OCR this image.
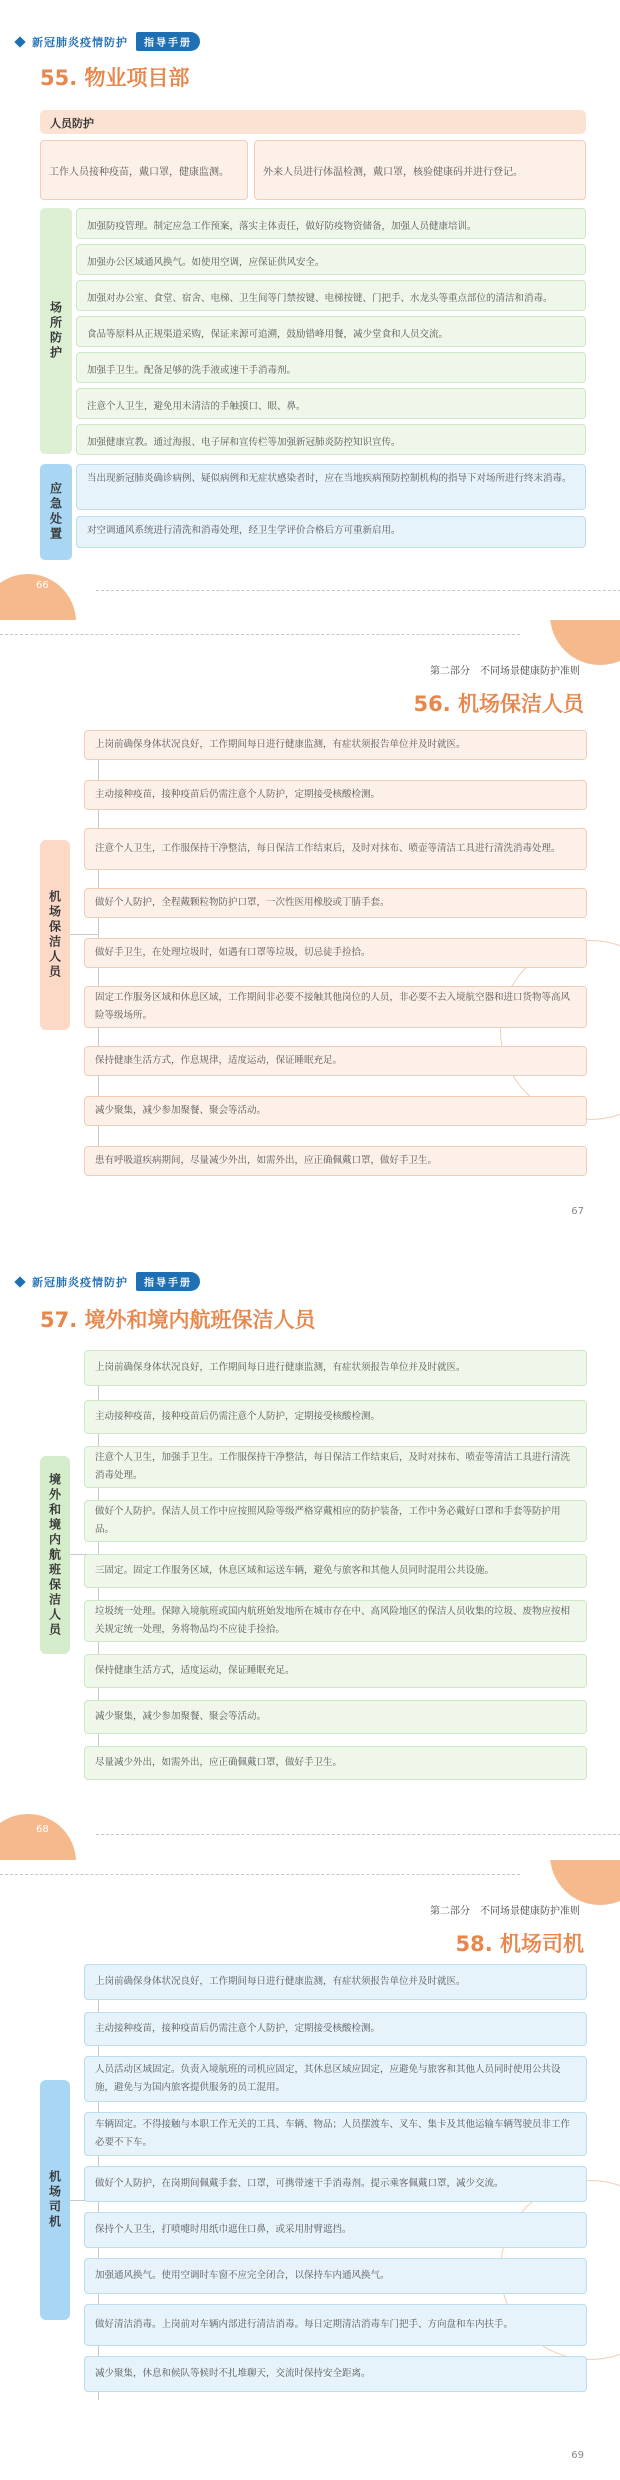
新冠肺炎疫情防护	指导手册
55. 物业项目部
人员防护
工作人员接种疫苗，戴口罩，健康监测。	外来人员进行体温检测，戴口罩，核验健康码并进行登记。
场所防护
加强防疫管理。制定应急工作预案，落实主体责任，做好防疫物资储备，加强人员健康培训。
加强办公区域通风换气。如使用空调，应保证供风安全。
加强对办公室、食堂、宿舍、电梯、卫生间等门禁按键、电梯按键、门把手、水龙头等重点部位的清洁和消毒。
食品等原料从正规渠道采购，保证来源可追溯，鼓励错峰用餐，减少堂食和人员交流。
加强手卫生。配备足够的洗手液或速干手消毒剂。
注意个人卫生，避免用未清洁的手触摸口、眼、鼻。
加强健康宣教。通过海报、电子屏和宣传栏等加强新冠肺炎防控知识宣传。
应急处置
当出现新冠肺炎确诊病例、疑似病例和无症状感染者时，应在当地疾病预防控制机构的指导下对场所进行终末消毒。
对空调通风系统进行清洗和消毒处理，经卫生学评价合格后方可重新启用。
66
第二部分　不同场景健康防护准则
56. 机场保洁人员
机场保洁人员
上岗前确保身体状况良好，工作期间每日进行健康监测，有症状须报告单位并及时就医。
主动接种疫苗，接种疫苗后仍需注意个人防护，定期接受核酸检测。
注意个人卫生，工作服保持干净整洁，每日保洁工作结束后，及时对抹布、喷壶等清洁工具进行清洗消毒处理。
做好个人防护，全程戴颗粒物防护口罩，一次性医用橡胶或丁腈手套。
做好手卫生，在处理垃圾时，如遇有口罩等垃圾，切忌徒手捡拾。
固定工作服务区域和休息区域，工作期间非必要不接触其他岗位的人员，非必要不去入境航空器和进口货物等高风险等级场所。
保持健康生活方式，作息规律，适度运动，保证睡眠充足。
减少聚集，减少参加聚餐、聚会等活动。
患有呼吸道疾病期间，尽量减少外出，如需外出，应正确佩戴口罩，做好手卫生。
67
新冠肺炎疫情防护	指导手册
57. 境外和境内航班保洁人员
境外和境内航班保洁人员
上岗前确保身体状况良好，工作期间每日进行健康监测，有症状须报告单位并及时就医。
主动接种疫苗，接种疫苗后仍需注意个人防护，定期接受核酸检测。
注意个人卫生，加强手卫生。工作服保持干净整洁，每日保洁工作结束后，及时对抹布、喷壶等清洁工具进行清洗消毒处理。
做好个人防护。保洁人员工作中应按照风险等级严格穿戴相应的防护装备，工作中务必戴好口罩和手套等防护用品。
三固定。固定工作服务区域，休息区域和运送车辆，避免与旅客和其他人员同时混用公共设施。
垃圾统一处理。保障入境航班或国内航班始发地所在城市存在中、高风险地区的保洁人员收集的垃圾、废物应按相关规定统一处理，务将物品均不应徒手捡拾。
保持健康生活方式，适度运动，保证睡眠充足。
减少聚集，减少参加聚餐、聚会等活动。
尽量减少外出，如需外出，应正确佩戴口罩，做好手卫生。
68
第二部分　不同场景健康防护准则
58. 机场司机
机场司机
上岗前确保身体状况良好，工作期间每日进行健康监测，有症状须报告单位并及时就医。
主动接种疫苗，接种疫苗后仍需注意个人防护，定期接受核酸检测。
人员活动区域固定。负责入境航班的司机应固定，其休息区域应固定，应避免与旅客和其他人员同时使用公共设施，避免与为国内旅客提供服务的员工混用。
车辆固定。不得接触与本职工作无关的工具、车辆、物品；人员摆渡车、叉车、集卡及其他运输车辆驾驶员非工作必要不下车。
做好个人防护，在岗期间佩戴手套、口罩，可携带速干手消毒剂。提示乘客佩戴口罩，减少交流。
保持个人卫生，打喷嚏时用纸巾遮住口鼻，或采用肘臂遮挡。
加强通风换气。使用空调时车窗不应完全闭合，以保持车内通风换气。
做好清洁消毒。上岗前对车辆内部进行清洁消毒。每日定期清洁消毒车门把手、方向盘和车内扶手。
减少聚集，休息和候队等候时不扎堆聊天，交流时保持安全距离。
69
